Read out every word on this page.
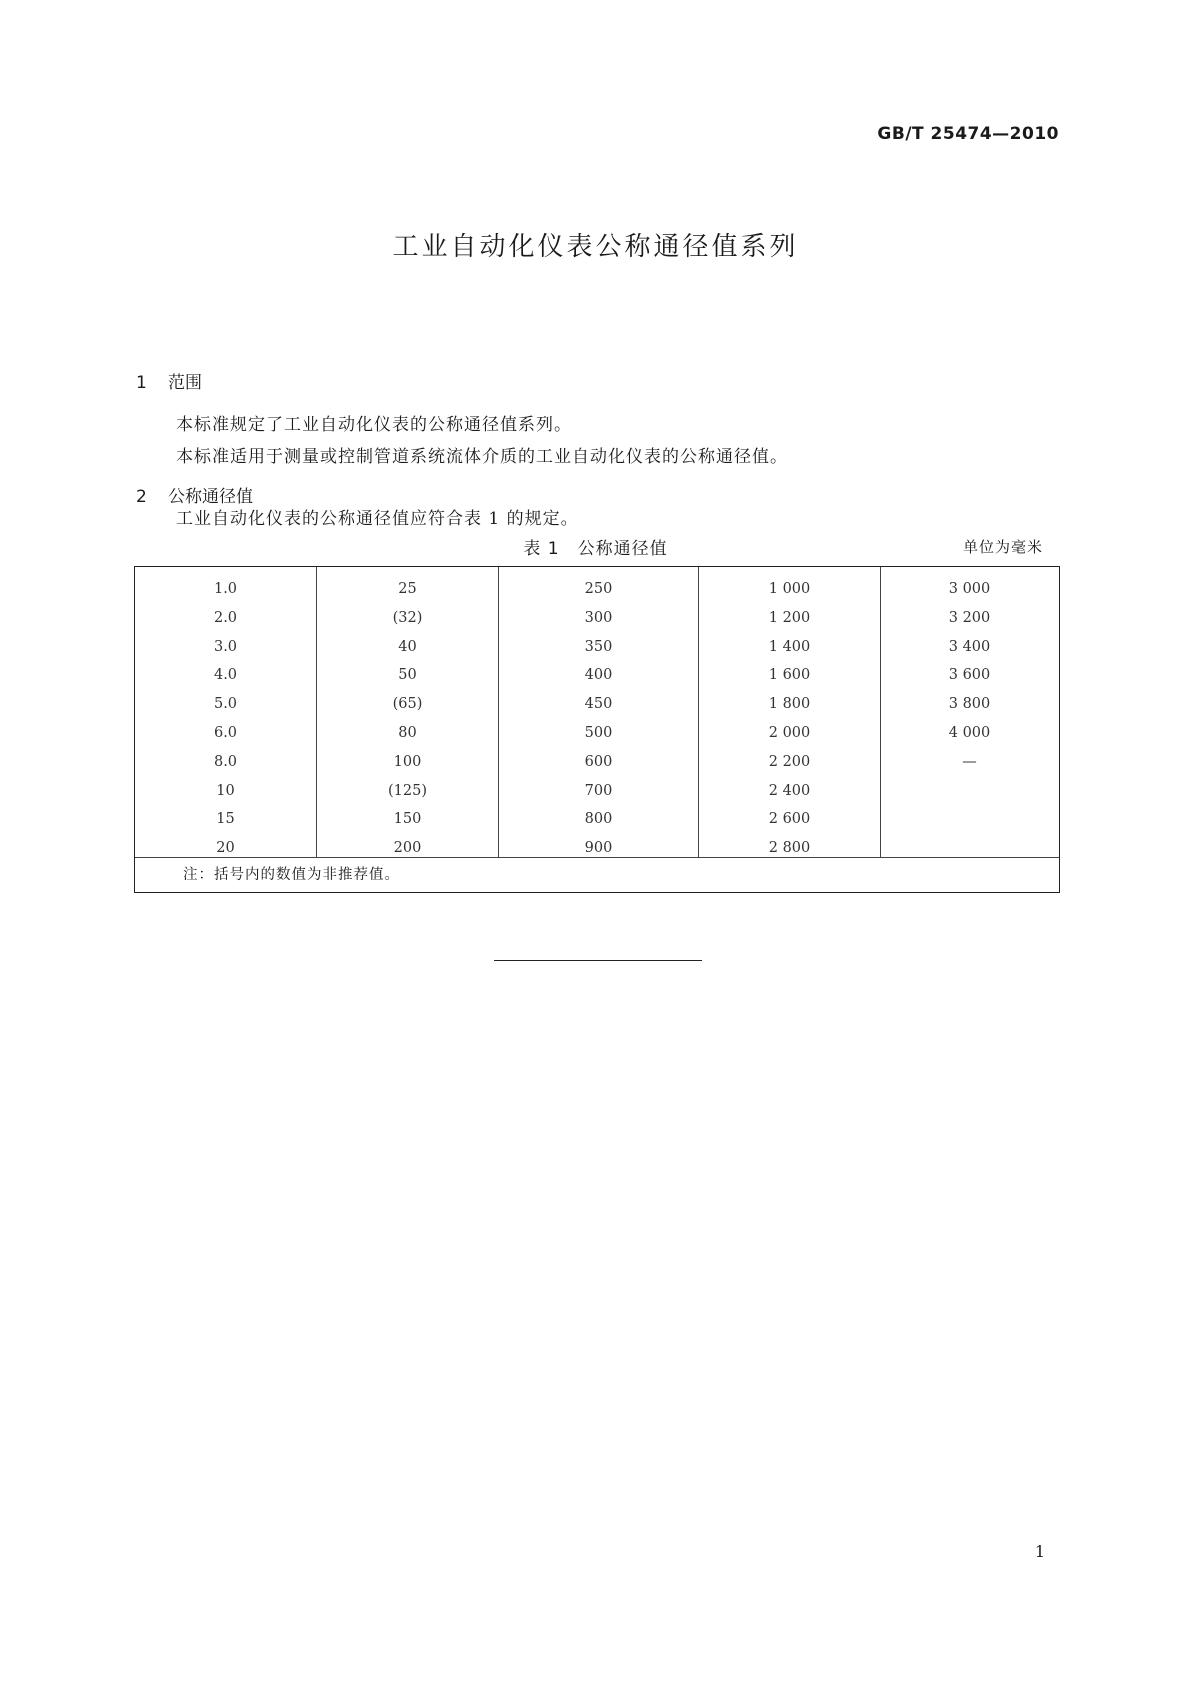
GB/T 25474—2010
工业自动化仪表公称通径值系列
1 范围

本标准规定了工业自动化仪表的公称通径值系列。

本标准适用于测量或控制管道系统流体介质的工业自动化仪表的公称通径值。

2 公称通径值

工业自动化仪表的公称通径值应符合表 1 的规定。

表 1 公称通径值	单位为毫米
1.0
2.0
3.0
4.0
5.0
6.0
8.0
10
15
20
25
(32)
40
50
(65)
80
100
(125)
150
200
250
300
350
400
450
500
600
700
800
900
1 000
1 200
1 400
1 600
1 800
2 000
2 200
2 400
2 600
2 800
3 000
3 200
3 400
3 600
3 800
4 000
—
注：括号内的数值为非推荐值。
1
